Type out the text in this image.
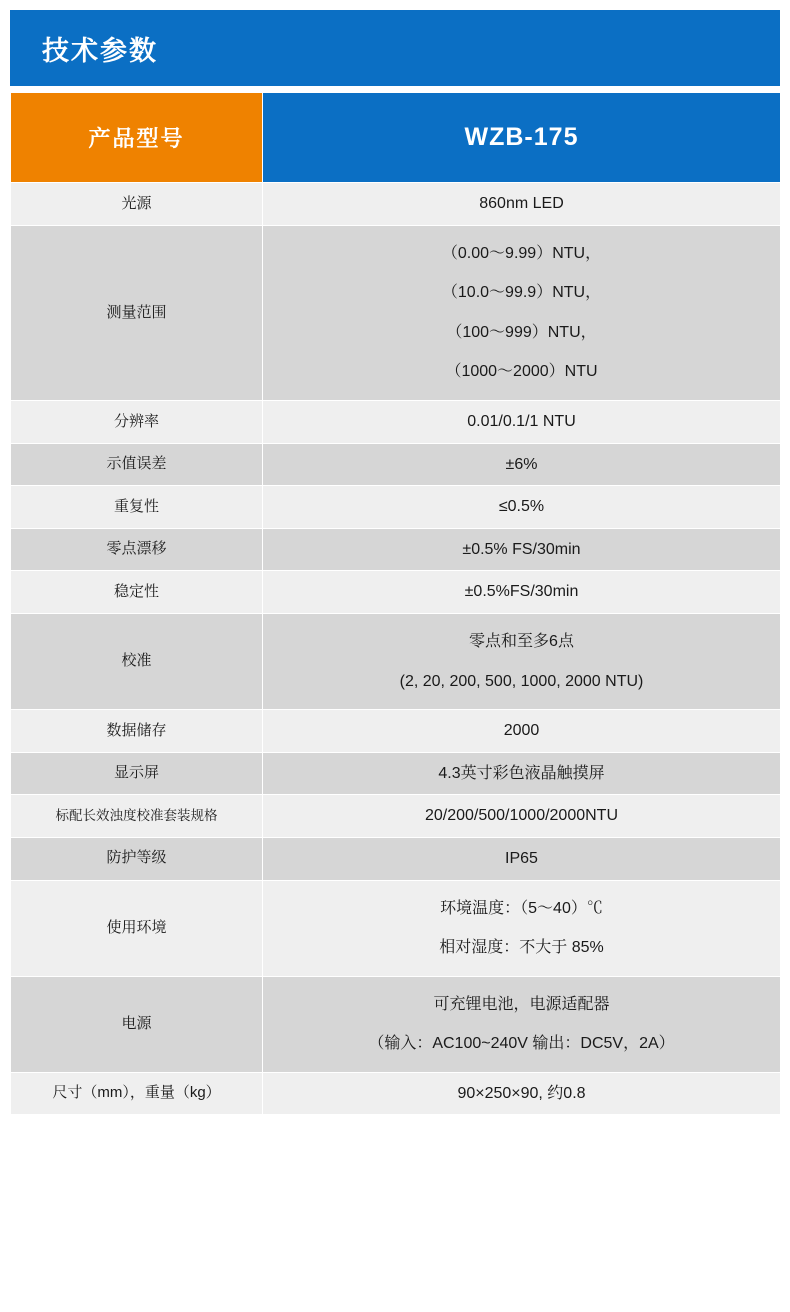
技术参数
产品型号	WZB-175
光源	860nm LED

测量范围	（0.00～9.99）NTU，
（10.0～99.9）NTU，
（100～999）NTU，
（1000～2000）NTU

分辨率	0.01/0.1/1 NTU

示值误差	±6%

重复性	≤0.5%

零点漂移	±0.5% FS/30min

稳定性	±0.5%FS/30min

校准	零点和至多6点
(2, 20, 200, 500, 1000, 2000 NTU)

数据储存	2000

显示屏	4.3英寸彩色液晶触摸屏

标配长效浊度校准套装规格	20/200/500/1000/2000NTU

防护等级	IP65

使用环境	环境温度：（5～40）℃
相对湿度：不大于 85%

电源	可充锂电池，电源适配器
（输入：AC100~240V 输出：DC5V，2A）

尺寸（mm），重量（kg）	90×250×90, 约0.8
